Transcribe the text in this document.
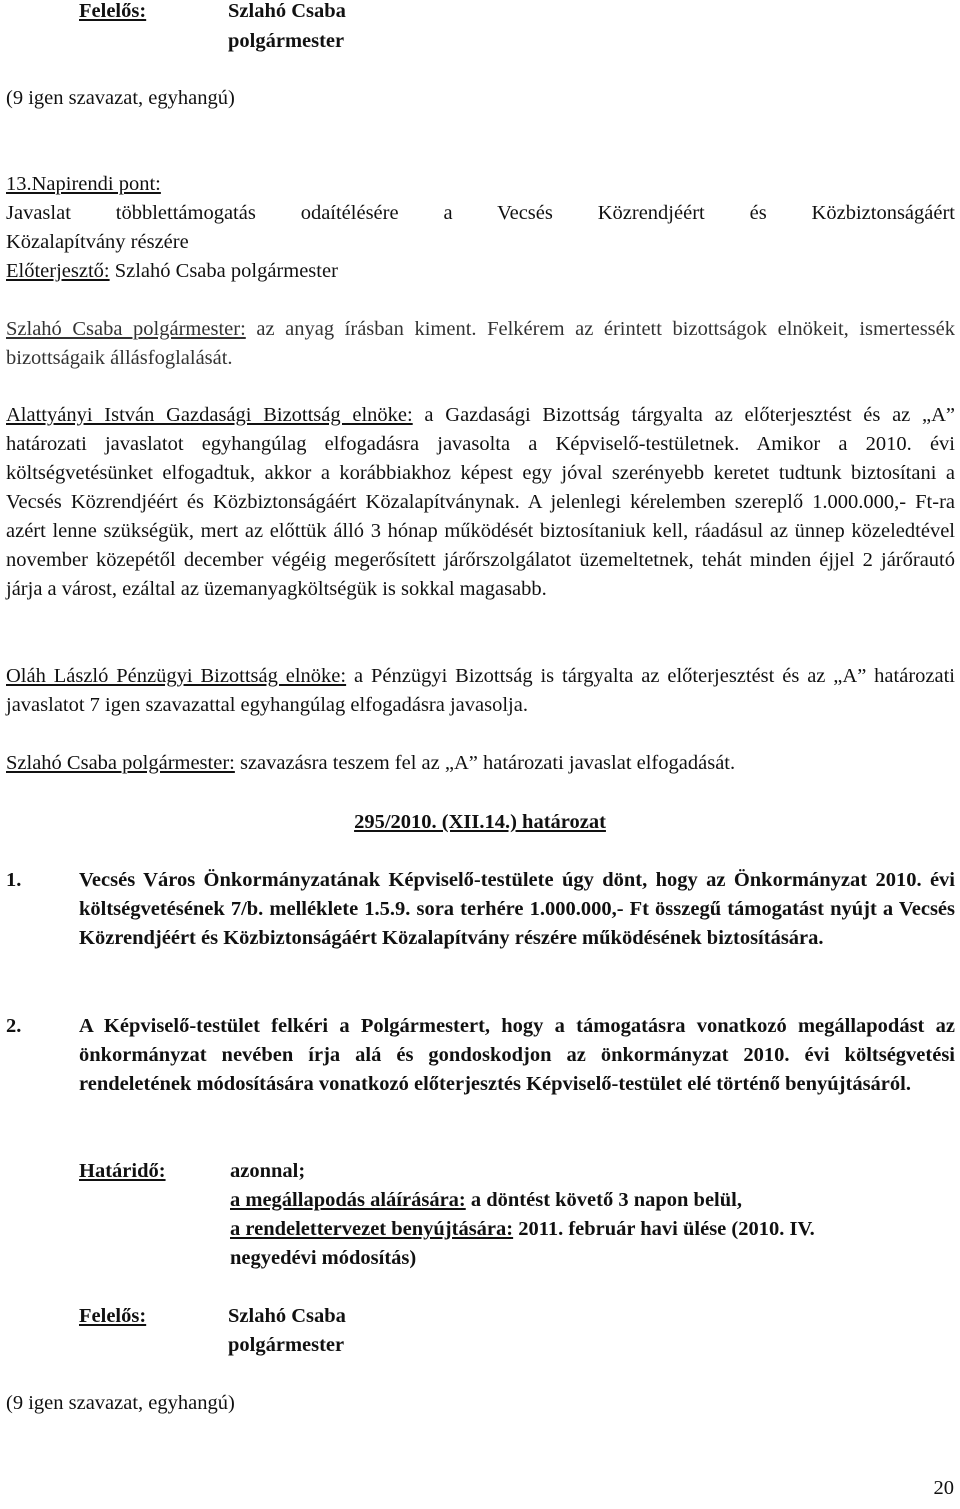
Felelős:	Szlahó Csaba
polgármester
(9 igen szavazat, egyhangú)
13.Napirendi pont:
Javaslat többlettámogatás odaítélésére a Vecsés Közrendjéért és Közbiztonságáért
Közalapítvány részére
Előterjesztő: Szlahó Csaba polgármester
Szlahó Csaba polgármester: az anyag írásban kiment. Felkérem az érintett bizottságok elnökeit, ismertessék bizottságaik állásfoglalását.
Alattyányi István Gazdasági Bizottság elnöke: a Gazdasági Bizottság tárgyalta az előterjesztést és az „A” határozati javaslatot egyhangúlag elfogadásra javasolta a Képviselő-testületnek. Amikor a 2010. évi költségvetésünket elfogadtuk, akkor a korábbiakhoz képest egy jóval szerényebb keretet tudtunk biztosítani a Vecsés Közrendjéért és Közbiztonságáért Közalapítványnak. A jelenlegi kérelemben szereplő 1.000.000,- Ft-ra azért lenne szükségük, mert az előttük álló 3 hónap működését biztosítaniuk kell, ráadásul az ünnep közeledtével november közepétől december végéig megerősített járőrszolgálatot üzemeltetnek, tehát minden éjjel 2 járőrautó járja a várost, ezáltal az üzemanyagköltségük is sokkal magasabb.
Oláh László Pénzügyi Bizottság elnöke: a Pénzügyi Bizottság is tárgyalta az előterjesztést és az „A” határozati javaslatot 7 igen szavazattal egyhangúlag elfogadásra javasolja.
Szlahó Csaba polgármester: szavazásra teszem fel az „A” határozati javaslat elfogadását.
295/2010. (XII.14.) határozat
1.	Vecsés Város Önkormányzatának Képviselő-testülete úgy dönt, hogy az Önkormányzat 2010. évi költségvetésének 7/b. melléklete 1.5.9. sora terhére 1.000.000,- Ft összegű támogatást nyújt a Vecsés Közrendjéért és Közbiztonságáért Közalapítvány részére működésének biztosítására.
2.	A Képviselő-testület felkéri a Polgármestert, hogy a támogatásra vonatkozó megállapodást az önkormányzat nevében írja alá és gondoskodjon az önkormányzat 2010. évi költségvetési rendeletének módosítására vonatkozó előterjesztés Képviselő-testület elé történő benyújtásáról.
Határidő:	azonnal;
a megállapodás aláírására: a döntést követő 3 napon belül,
a rendelettervezet benyújtására: 2011. február havi ülése (2010. IV.
negyedévi módosítás)
Felelős:	Szlahó Csaba
polgármester
(9 igen szavazat, egyhangú)
20
